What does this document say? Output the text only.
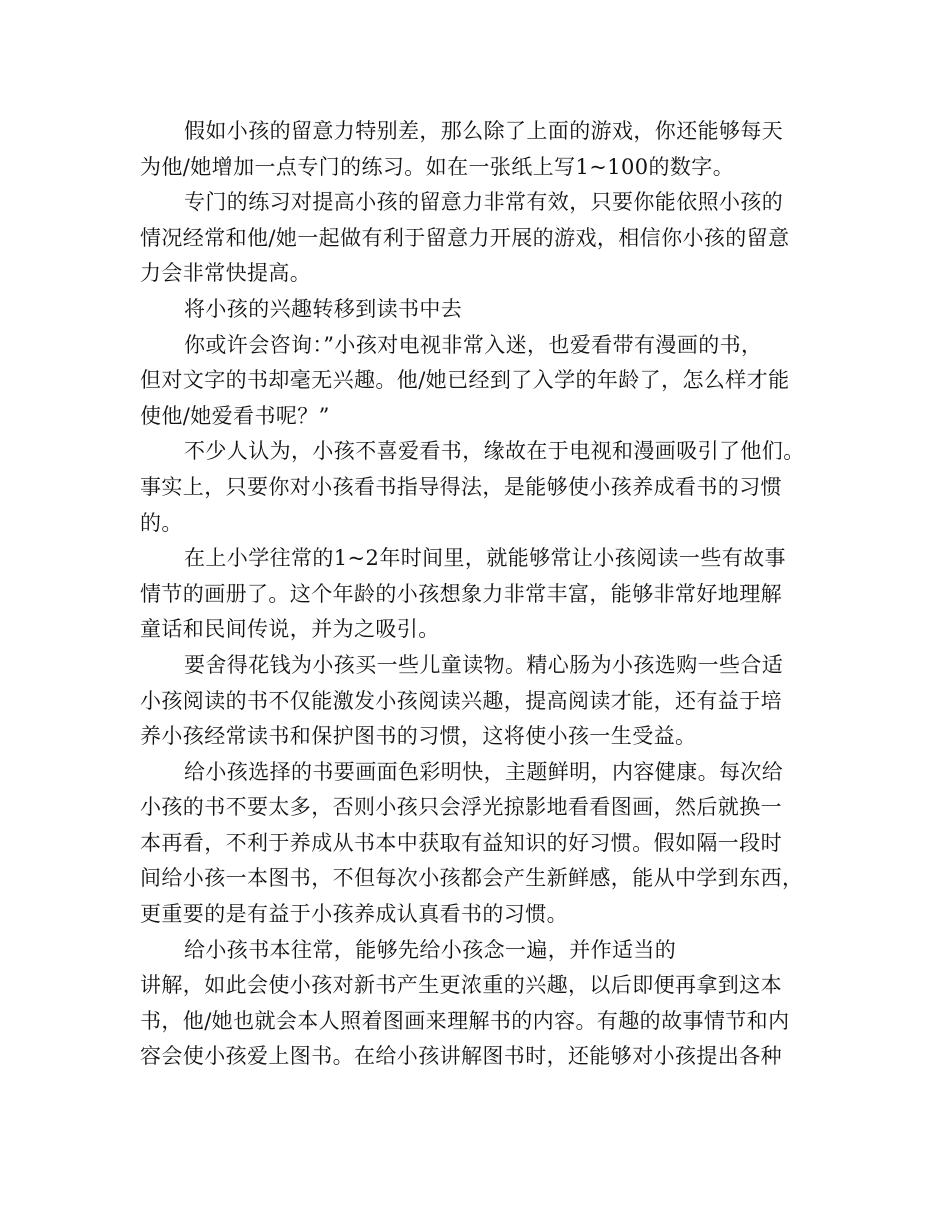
假如小孩的留意力特别差，那么除了上面的游戏，你还能够每天
为他/她增加一点专门的练习。如在一张纸上写1~100的数字。
专门的练习对提高小孩的留意力非常有效，只要你能依照小孩的
情况经常和他/她一起做有利于留意力开展的游戏，相信你小孩的留意
力会非常快提高。
将小孩的兴趣转移到读书中去
你或许会咨询：”小孩对电视非常入迷，也爱看带有漫画的书，
但对文字的书却毫无兴趣。他/她已经到了入学的年龄了，怎么样才能
使他/她爱看书呢？”
不少人认为，小孩不喜爱看书，缘故在于电视和漫画吸引了他们。
事实上，只要你对小孩看书指导得法，是能够使小孩养成看书的习惯
的。
在上小学往常的1~2年时间里，就能够常让小孩阅读一些有故事
情节的画册了。这个年龄的小孩想象力非常丰富，能够非常好地理解
童话和民间传说，并为之吸引。
要舍得花钱为小孩买一些儿童读物。精心肠为小孩选购一些合适
小孩阅读的书不仅能激发小孩阅读兴趣，提高阅读才能，还有益于培
养小孩经常读书和保护图书的习惯，这将使小孩一生受益。
给小孩选择的书要画面色彩明快，主题鲜明，内容健康。每次给
小孩的书不要太多，否则小孩只会浮光掠影地看看图画，然后就换一
本再看，不利于养成从书本中获取有益知识的好习惯。假如隔一段时
间给小孩一本图书，不但每次小孩都会产生新鲜感，能从中学到东西，
更重要的是有益于小孩养成认真看书的习惯。
给小孩书本往常，能够先给小孩念一遍，并作适当的
讲解，如此会使小孩对新书产生更浓重的兴趣，以后即便再拿到这本
书，他/她也就会本人照着图画来理解书的内容。有趣的故事情节和内
容会使小孩爱上图书。在给小孩讲解图书时，还能够对小孩提出各种
